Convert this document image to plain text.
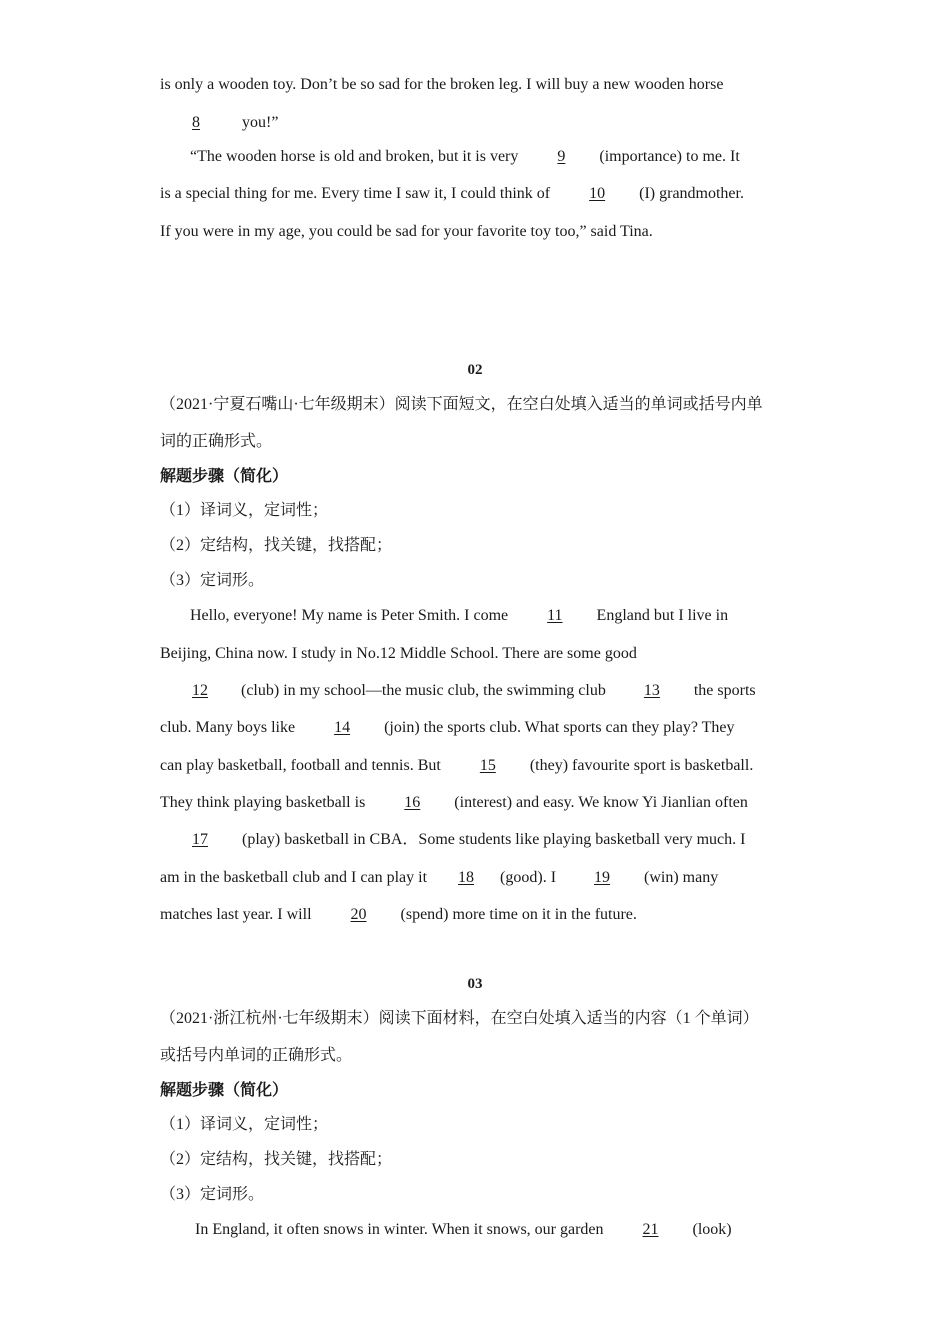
is only a wooden toy. Don’t be so sad for the broken leg. I will buy a new wooden horse
8	you!”
“The wooden horse is old and broken, but it is very 9 (importance) to me. It
is a special thing for me. Every time I saw it, I could think of 10 (I) grandmother.
If you were in my age, you could be sad for your favorite toy too,” said Tina.
02
（2021·宁夏石嘴山·七年级期末）阅读下面短文，在空白处填入适当的单词或括号内单
词的正确形式。
解题步骤（简化）
（1）译词义，定词性；
（2）定结构，找关键，找搭配；
（3）定词形。
Hello, everyone! My name is Peter Smith. I come 11 England but I live in
Beijing, China now. I study in No.12 Middle School. There are some good
12 (club) in my school—the music club, the swimming club 13 the sports
club. Many boys like 14 (join) the sports club. What sports can they play? They
can play basketball, football and tennis. But 15 (they) favourite sport is basketball.
They think playing basketball is 16 (interest) and easy. We know Yi Jianlian often
17 (play) basketball in CBA．Some students like playing basketball very much. I
am in the basketball club and I can play it 18 (good). I 19 (win) many
matches last year. I will 20 (spend) more time on it in the future.
03
（2021·浙江杭州·七年级期末）阅读下面材料，在空白处填入适当的内容（1 个单词）
或括号内单词的正确形式。
解题步骤（简化）
（1）译词义，定词性；
（2）定结构，找关键，找搭配；
（3）定词形。
In England, it often snows in winter. When it snows, our garden 21 (look)
